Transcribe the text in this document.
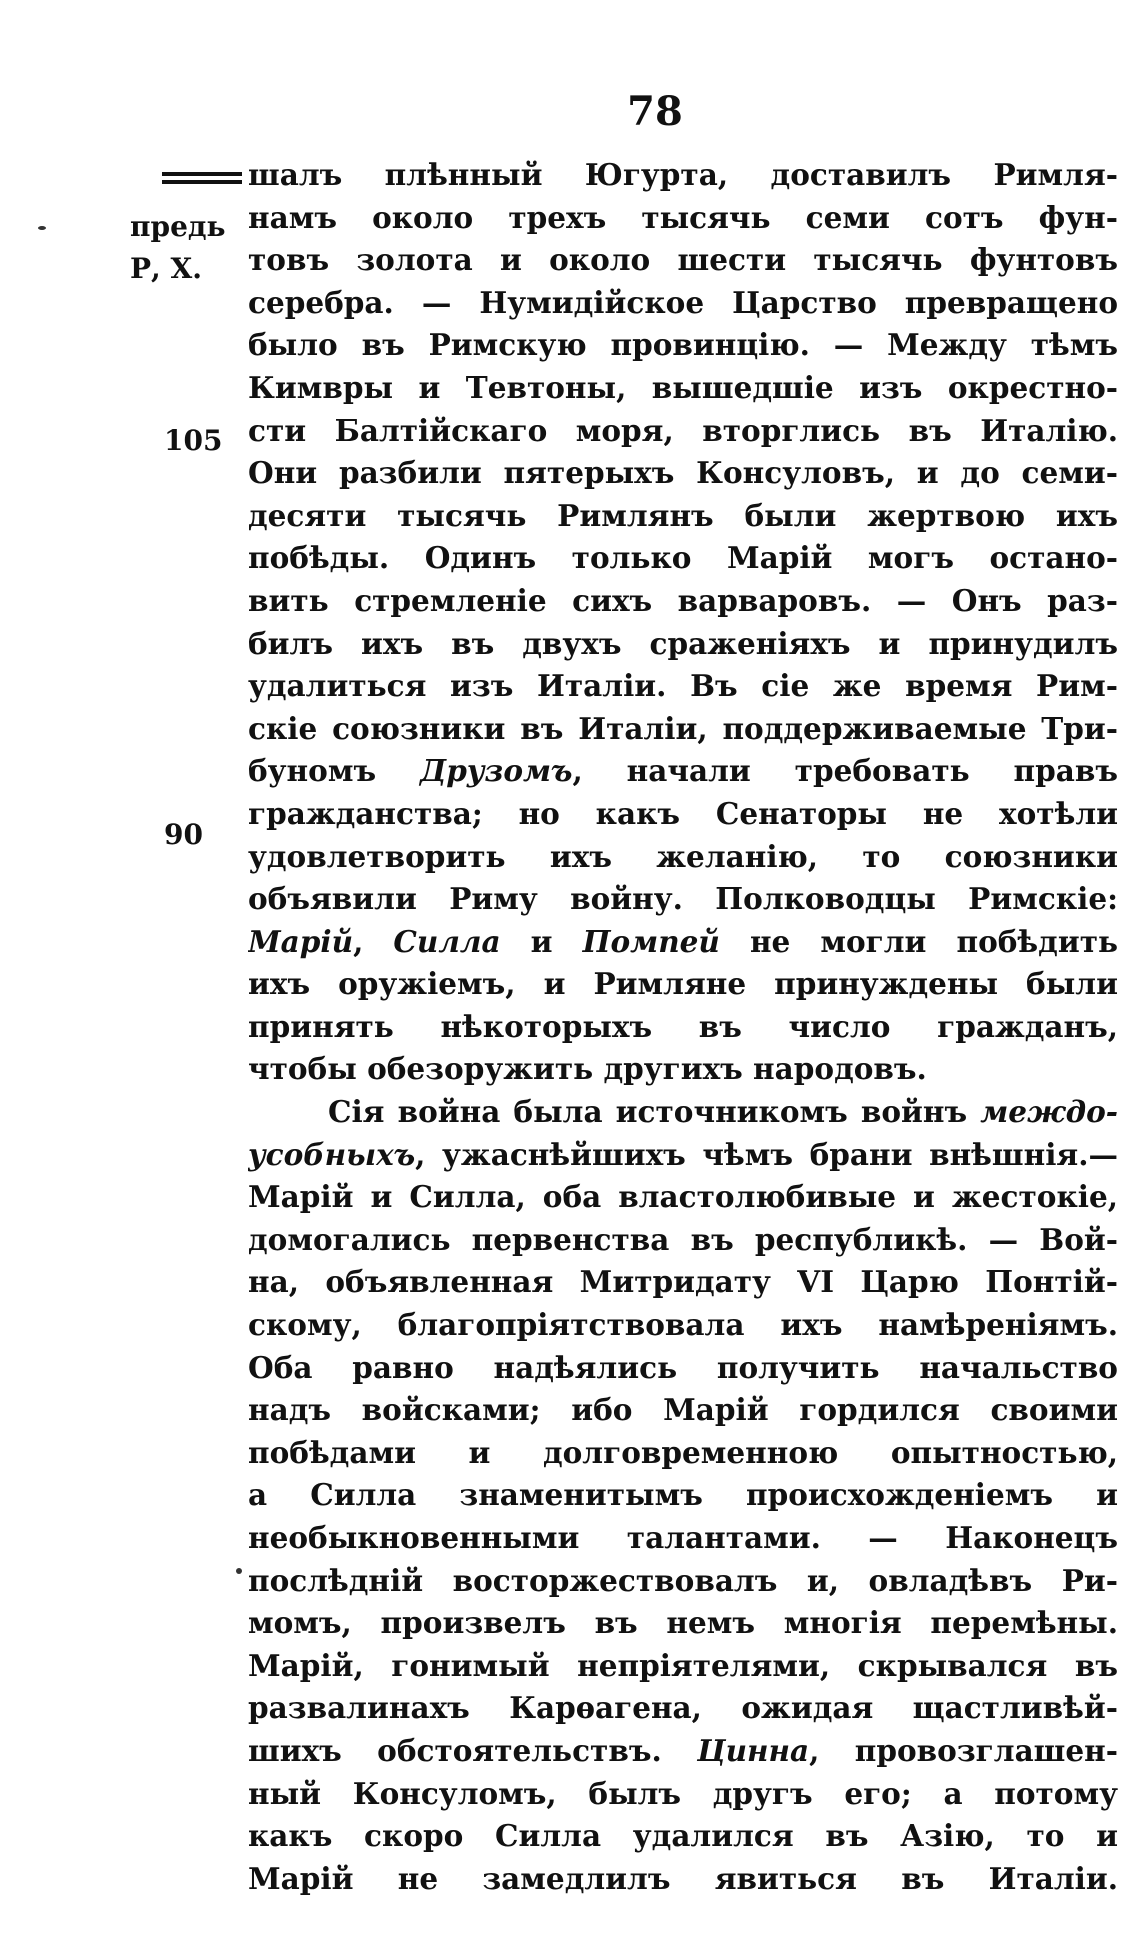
78
предь
Р, Х.
105
90
шалъ плѣнный Югурта, доставилъ Римля-
намъ около трехъ тысячь семи сотъ фун-
товъ золота и около шести тысячь фунтовъ
серебра. — Нумидійское Царство превращено
было въ Римскую провинцію. — Между тѣмъ
Кимвры и Тевтоны, вышедшіе изъ окрестно-
сти Балтійскаго моря, вторглись въ Италію.
Они разбили пятерыхъ Консуловъ, и до семи-
десяти тысячь Римлянъ были жертвою ихъ
побѣды. Одинъ только Марій могъ остано-
вить стремленіе сихъ варваровъ. — Онъ раз-
билъ ихъ въ двухъ сраженіяхъ и принудилъ
удалиться изъ Италіи. Въ сіе же время Рим-
скіе союзники въ Италіи, поддерживаемые Три-
буномъ Друзомъ, начали требовать правъ
гражданства; но какъ Сенаторы не хотѣли
удовлетворить ихъ желанію, то союзники
объявили Риму войну. Полководцы Римскіе:
Марій, Силла и Помпей не могли побѣдить
ихъ оружіемъ, и Римляне принуждены были
принять нѣкоторыхъ въ число гражданъ,
чтобы обезоружить другихъ народовъ.
Сія война была источникомъ войнъ междо-
усобныхъ, ужаснѣйшихъ чѣмъ брани внѣшнія.—
Марій и Силла, оба властолюбивые и жестокіе,
домогались первенства въ республикѣ. — Вой-
на, объявленная Митридату VI Царю Понтій-
скому, благопріятствовала ихъ намѣреніямъ.
Оба равно надѣялись получить начальство
надъ войсками; ибо Марій гордился своими
побѣдами и долговременною опытностью,
а Силла знаменитымъ происхожденіемъ и
необыкновенными талантами. — Наконецъ
послѣдній восторжествовалъ и, овладѣвъ Ри-
момъ, произвелъ въ немъ многія перемѣны.
Марій, гонимый непріятелями, скрывался въ
развалинахъ Карѳагена, ожидая щастливѣй-
шихъ обстоятельствъ. Цинна, провозглашен-
ный Консуломъ, былъ другъ его; а потому
какъ скоро Силла удалился въ Азію, то и
Марій не замедлилъ явиться въ Италіи.
